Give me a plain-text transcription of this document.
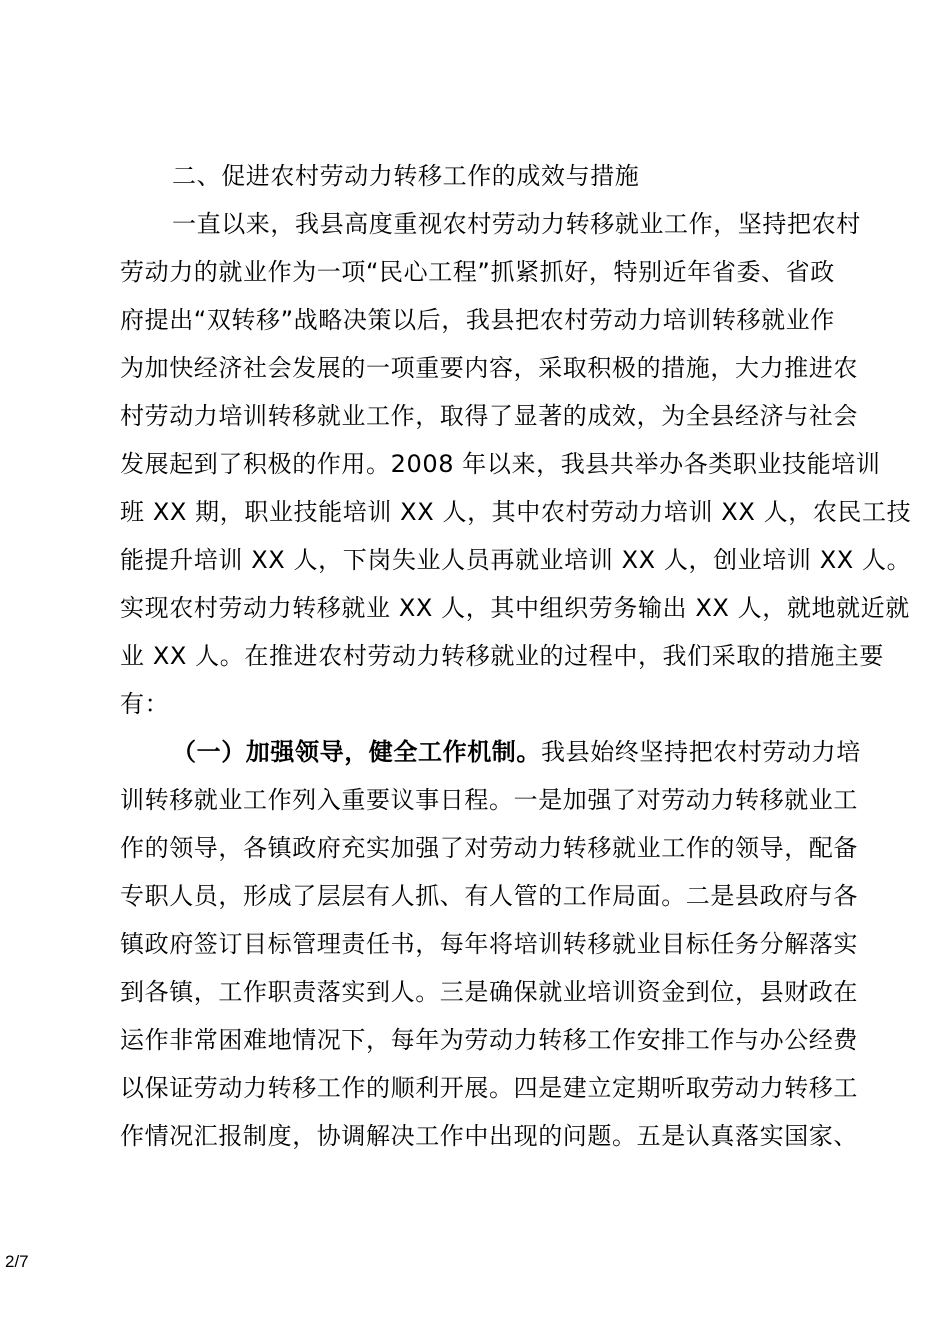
二、促进农村劳动力转移工作的成效与措施
一直以来，我县高度重视农村劳动力转移就业工作，坚持把农村
劳动力的就业作为一项“民心工程”抓紧抓好，特别近年省委、省政
府提出“双转移”战略决策以后，我县把农村劳动力培训转移就业作
为加快经济社会发展的一项重要内容，采取积极的措施，大力推进农
村劳动力培训转移就业工作，取得了显著的成效，为全县经济与社会
发展起到了积极的作用。2008 年以来，我县共举办各类职业技能培训
班 XX 期，职业技能培训 XX 人，其中农村劳动力培训 XX 人，农民工技
能提升培训 XX 人，下岗失业人员再就业培训 XX 人，创业培训 XX 人。
实现农村劳动力转移就业 XX 人，其中组织劳务输出 XX 人，就地就近就
业 XX 人。在推进农村劳动力转移就业的过程中，我们采取的措施主要
有：
（一）加强领导，健全工作机制。我县始终坚持把农村劳动力培
训转移就业工作列入重要议事日程。一是加强了对劳动力转移就业工
作的领导，各镇政府充实加强了对劳动力转移就业工作的领导，配备
专职人员，形成了层层有人抓、有人管的工作局面。二是县政府与各
镇政府签订目标管理责任书，每年将培训转移就业目标任务分解落实
到各镇，工作职责落实到人。三是确保就业培训资金到位，县财政在
运作非常困难地情况下，每年为劳动力转移工作安排工作与办公经费
以保证劳动力转移工作的顺利开展。四是建立定期听取劳动力转移工
作情况汇报制度，协调解决工作中出现的问题。五是认真落实国家、
2/7
